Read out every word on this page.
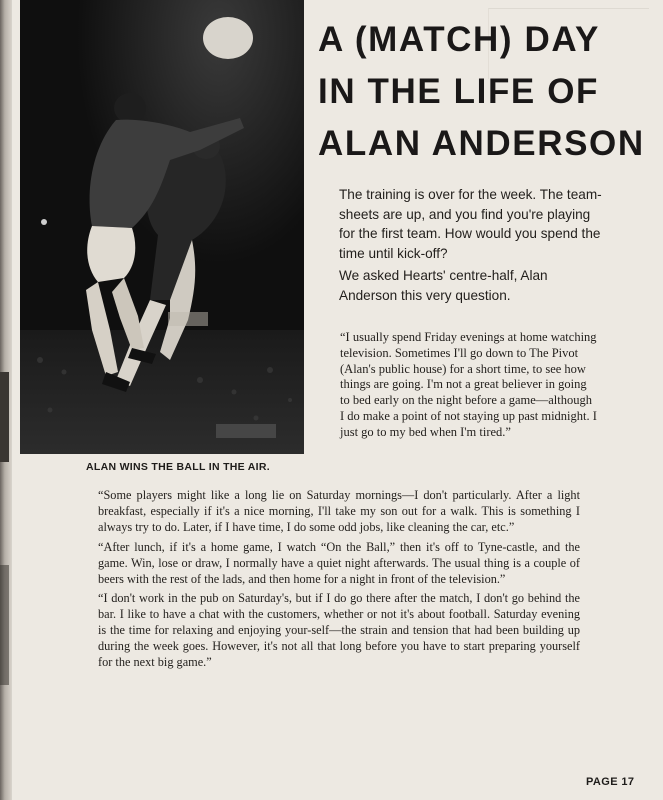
ALAN WINS THE BALL IN THE AIR.
A (MATCH) DAY
IN THE LIFE OF
ALAN ANDERSON

The training is over for the week. The team-sheets are up, and you find you're playing for the first team. How would you spend the time until kick-off?

We asked Hearts' centre-half, Alan Anderson this very question.

“I usually spend Friday evenings at home watching television. Sometimes I'll go down to The Pivot (Alan's public house) for a short time, to see how things are going. I'm not a great believer in going to bed early on the night before a game—although I do make a point of not staying up past midnight. I just go to my bed when I'm tired.”

“Some players might like a long lie on Saturday mornings—I don't particularly. After a light breakfast, especially if it's a nice morning, I'll take my son out for a walk. This is something I always try to do. Later, if I have time, I do some odd jobs, like cleaning the car, etc.”

“After lunch, if it's a home game, I watch “On the Ball,” then it's off to Tyne-castle, and the game. Win, lose or draw, I normally have a quiet night afterwards. The usual thing is a couple of beers with the rest of the lads, and then home for a night in front of the television.”

“I don't work in the pub on Saturday's, but if I do go there after the match, I don't go behind the bar. I like to have a chat with the customers, whether or not it's about football. Saturday evening is the time for relaxing and enjoying your-self—the strain and tension that had been building up during the week goes. However, it's not all that long before you have to start preparing yourself for the next big game.”

PAGE 17
